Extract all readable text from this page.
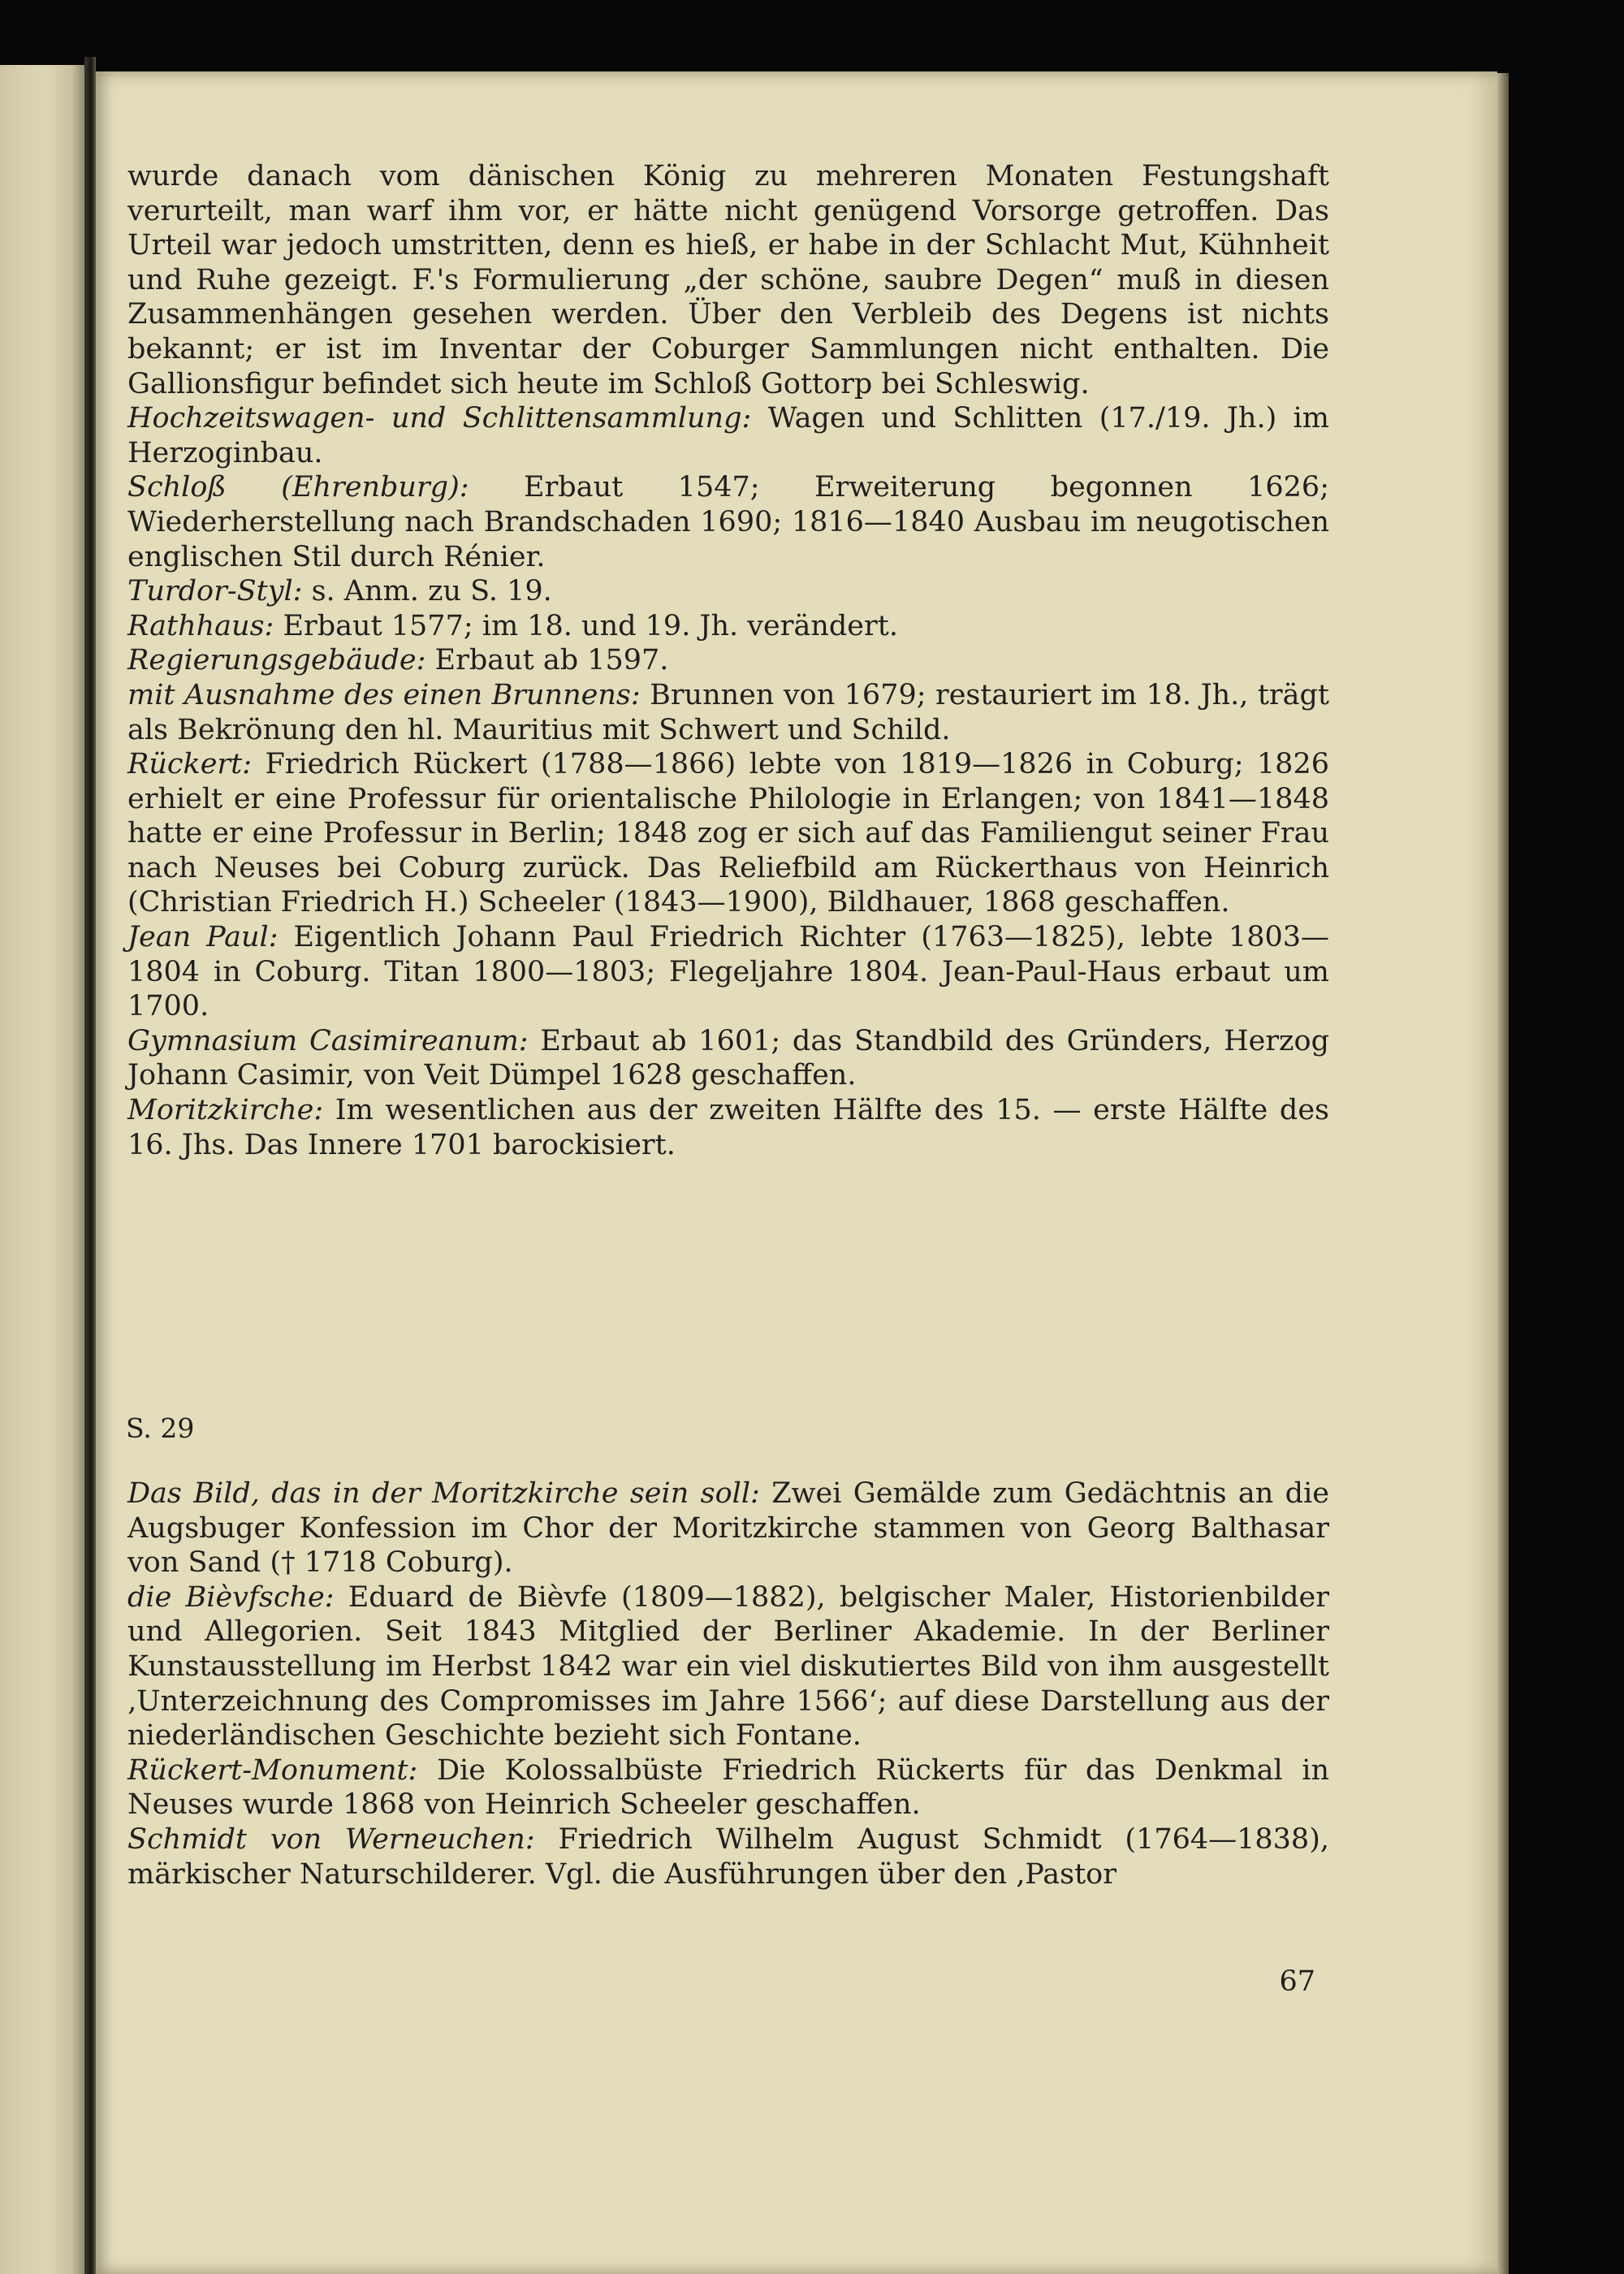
wurde danach vom dänischen König zu mehreren Monaten Festungshaft verurteilt, man warf ihm vor, er hätte nicht genügend Vorsorge getroffen. Das Urteil war jedoch umstritten, denn es hieß, er habe in der Schlacht Mut, Kühnheit und Ruhe gezeigt. F.'s Formulierung „der schöne, saubre Degen“ muß in diesen Zusammenhängen gesehen werden. Über den Verbleib des Degens ist nichts bekannt; er ist im Inventar der Coburger Sammlungen nicht enthalten. Die Gallionsfigur befindet sich heute im Schloß Gottorp bei Schleswig.

Hochzeitswagen- und Schlittensammlung: Wagen und Schlitten (17./19. Jh.) im Herzoginbau.

Schloß (Ehrenburg): Erbaut 1547; Erweiterung begonnen 1626; Wiederherstellung nach Brandschaden 1690; 1816—1840 Ausbau im neugotischen englischen Stil durch Rénier.

Turdor-Styl: s. Anm. zu S. 19.

Rathhaus: Erbaut 1577; im 18. und 19. Jh. verändert.

Regierungsgebäude: Erbaut ab 1597.

mit Ausnahme des einen Brunnens: Brunnen von 1679; restauriert im 18. Jh., trägt als Bekrönung den hl. Mauritius mit Schwert und Schild.

Rückert: Friedrich Rückert (1788—1866) lebte von 1819—1826 in Coburg; 1826 erhielt er eine Professur für orientalische Philologie in Erlangen; von 1841—1848 hatte er eine Professur in Berlin; 1848 zog er sich auf das Familiengut seiner Frau nach Neuses bei Coburg zurück. Das Reliefbild am Rückerthaus von Heinrich (Christian Friedrich H.) Scheeler (1843—1900), Bildhauer, 1868 geschaffen.

Jean Paul: Eigentlich Johann Paul Friedrich Richter (1763—1825), lebte 1803—1804 in Coburg. Titan 1800—1803; Flegeljahre 1804. Jean-Paul-Haus erbaut um 1700.

Gymnasium Casimireanum: Erbaut ab 1601; das Standbild des Gründers, Herzog Johann Casimir, von Veit Dümpel 1628 geschaffen.

Moritzkirche: Im wesentlichen aus der zweiten Hälfte des 15. — erste Hälfte des 16. Jhs. Das Innere 1701 barockisiert.

S. 29

Das Bild, das in der Moritzkirche sein soll: Zwei Gemälde zum Gedächtnis an die Augsbuger Konfession im Chor der Moritzkirche stammen von Georg Balthasar von Sand († 1718 Coburg).

die Bièvfsche: Eduard de Bièvfe (1809—1882), belgischer Maler, Historienbilder und Allegorien. Seit 1843 Mitglied der Berliner Akademie. In der Berliner Kunstausstellung im Herbst 1842 war ein viel diskutiertes Bild von ihm ausgestellt ‚Unterzeichnung des Compromisses im Jahre 1566‘; auf diese Darstellung aus der niederländischen Geschichte bezieht sich Fontane.

Rückert-Monument: Die Kolossalbüste Friedrich Rückerts für das Denkmal in Neuses wurde 1868 von Heinrich Scheeler geschaffen.

Schmidt von Werneuchen: Friedrich Wilhelm August Schmidt (1764—1838), märkischer Naturschilderer. Vgl. die Ausführungen über den ‚Pastor

67
